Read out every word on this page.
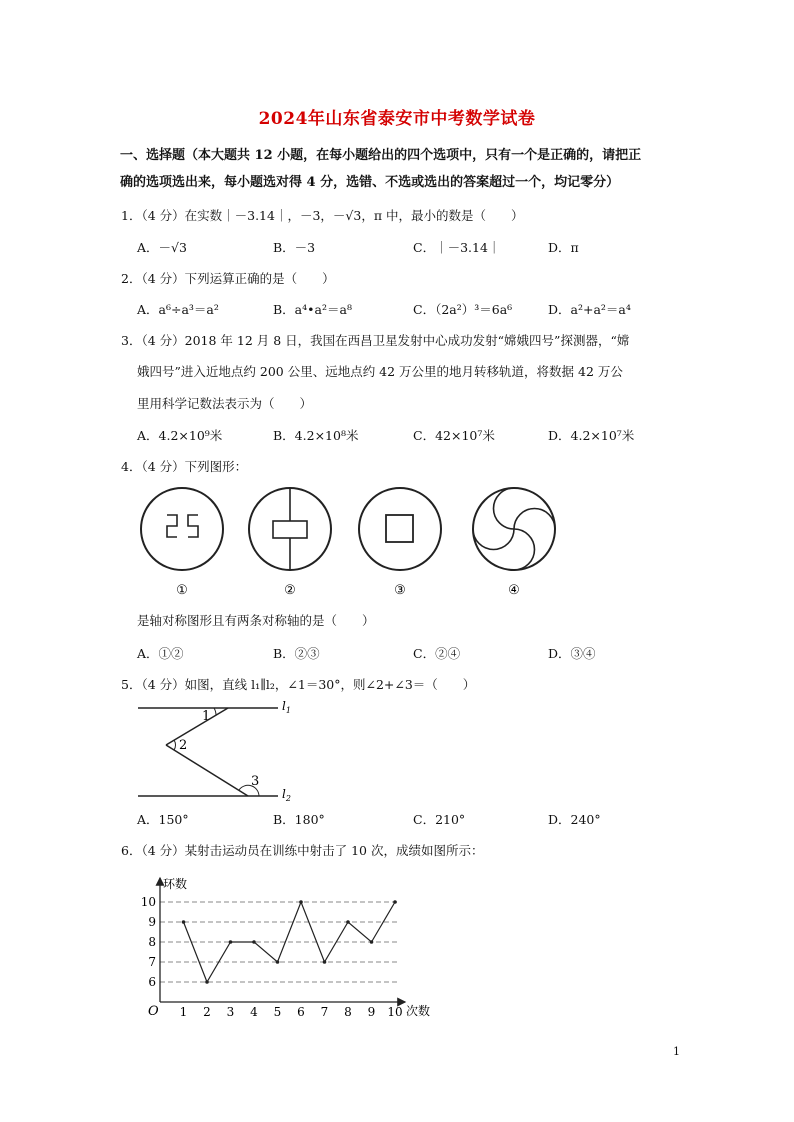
2024年山东省泰安市中考数学试卷
一、选择题（本大题共 12 小题，在每小题给出的四个选项中，只有一个是正确的，请把正
确的选项选出来，每小题选对得 4 分，选错、不选或选出的答案超过一个，均记零分）
1．（4 分）在实数｜－3.14｜，－3，－√3，π 中，最小的数是（　　）
A．－√3	B．－3	C．｜－3.14｜	D．π
2．（4 分）下列运算正确的是（　　）
A．a⁶÷a³＝a²	B．a⁴•a²＝a⁸	C．（2a²）³＝6a⁶	D．a²+a²＝a⁴
3．（4 分）2018 年 12 月 8 日，我国在西昌卫星发射中心成功发射“嫦娥四号”探测器，“嫦
娥四号”进入近地点约 200 公里、远地点约 42 万公里的地月转移轨道，将数据 42 万公
里用科学记数法表示为（　　）
A．4.2×10⁹米	B．4.2×10⁸米	C．42×10⁷米	D．4.2×10⁷米
4．（4 分）下列图形：
①	②	③	④
是轴对称图形且有两条对称轴的是（　　）
A．①②	B．②③	C．②④	D．③④
5．（4 分）如图，直线 l₁∥l₂，∠1＝30°，则∠2+∠3＝（　　）
1
2
3
$l_1$
$l_2$
A．150°	B．180°	C．210°	D．240°
6．（4 分）某射击运动员在训练中射击了 10 次，成绩如图所示：
环数
次数
O
6
7
8
9
10
1 2 3 4 5 6 7 8 9 10
1
